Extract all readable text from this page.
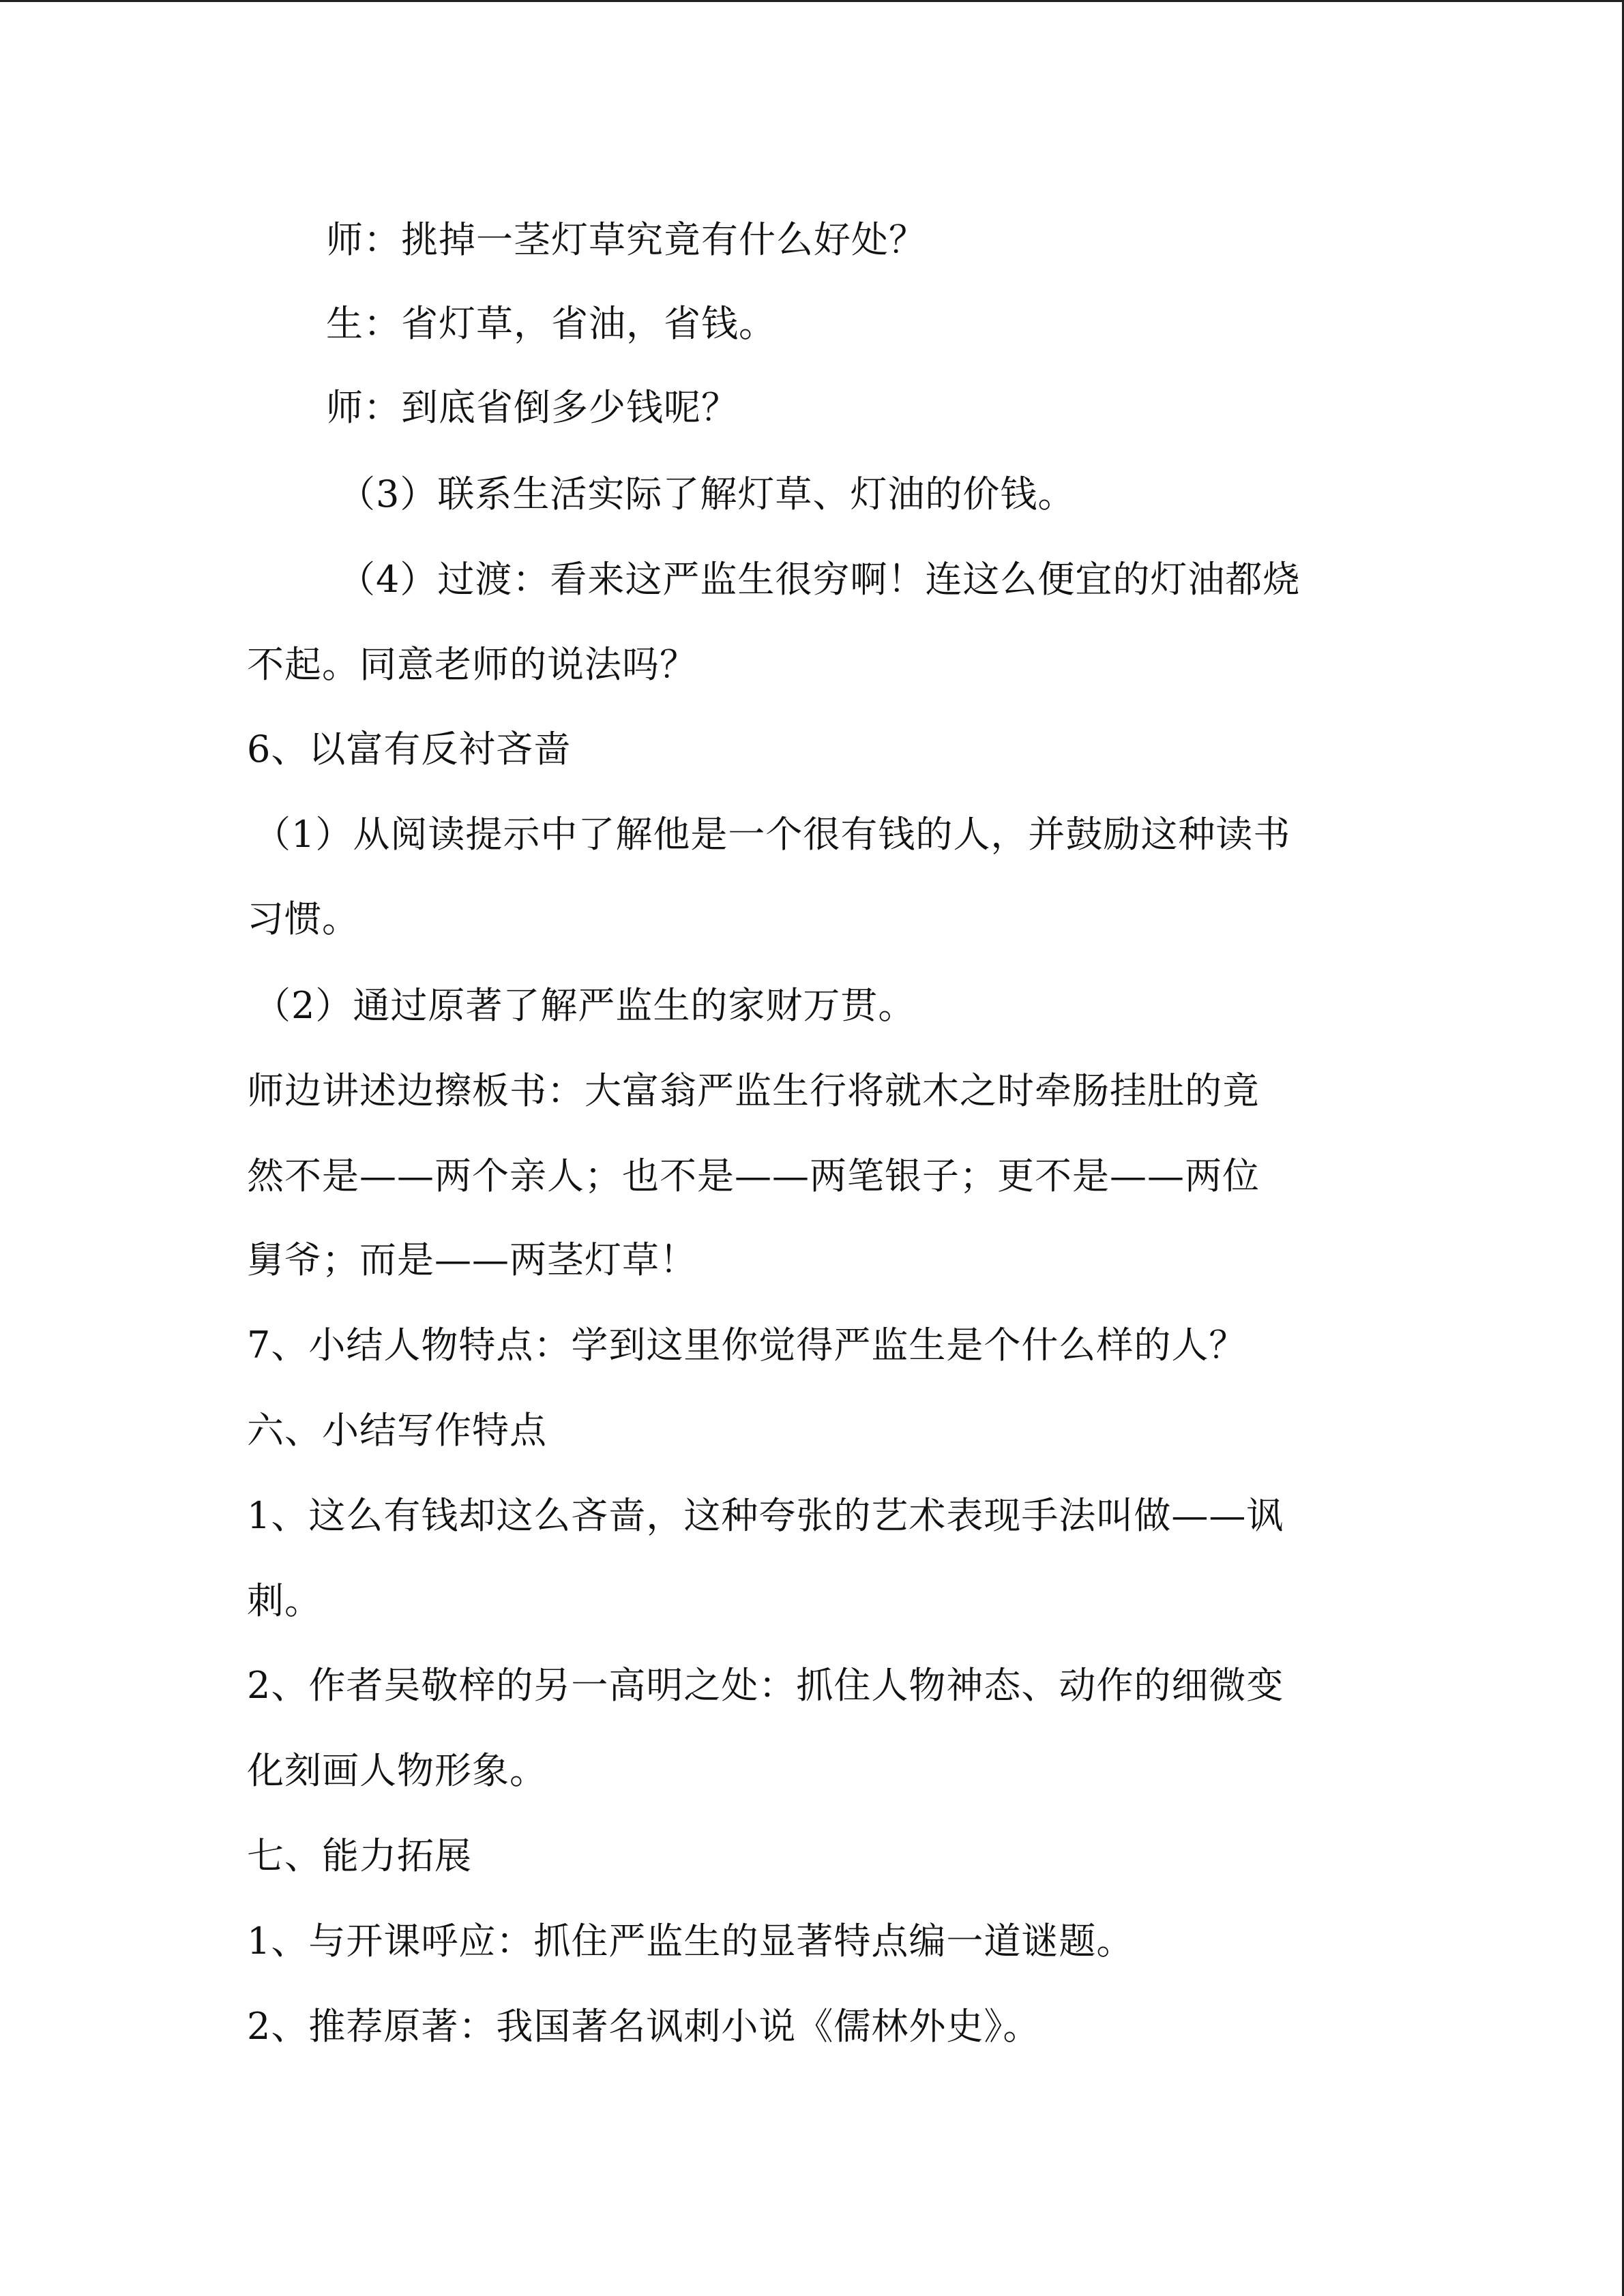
师：挑掉一茎灯草究竟有什么好处？
生：省灯草，省油，省钱。
师：到底省倒多少钱呢？
（3）联系生活实际了解灯草、灯油的价钱。
（4）过渡：看来这严监生很穷啊！连这么便宜的灯油都烧
不起。同意老师的说法吗？
6、以富有反衬吝啬
（1）从阅读提示中了解他是一个很有钱的人，并鼓励这种读书
习惯。
（2）通过原著了解严监生的家财万贯。
师边讲述边擦板书：大富翁严监生行将就木之时牵肠挂肚的竟
然不是——两个亲人；也不是——两笔银子；更不是——两位
舅爷；而是——两茎灯草！
7、小结人物特点：学到这里你觉得严监生是个什么样的人？
六、小结写作特点
1、这么有钱却这么吝啬，这种夸张的艺术表现手法叫做——讽
刺。
2、作者吴敬梓的另一高明之处：抓住人物神态、动作的细微变
化刻画人物形象。
七、能力拓展
1、与开课呼应：抓住严监生的显著特点编一道谜题。
2、推荐原著：我国著名讽刺小说《儒林外史》。
